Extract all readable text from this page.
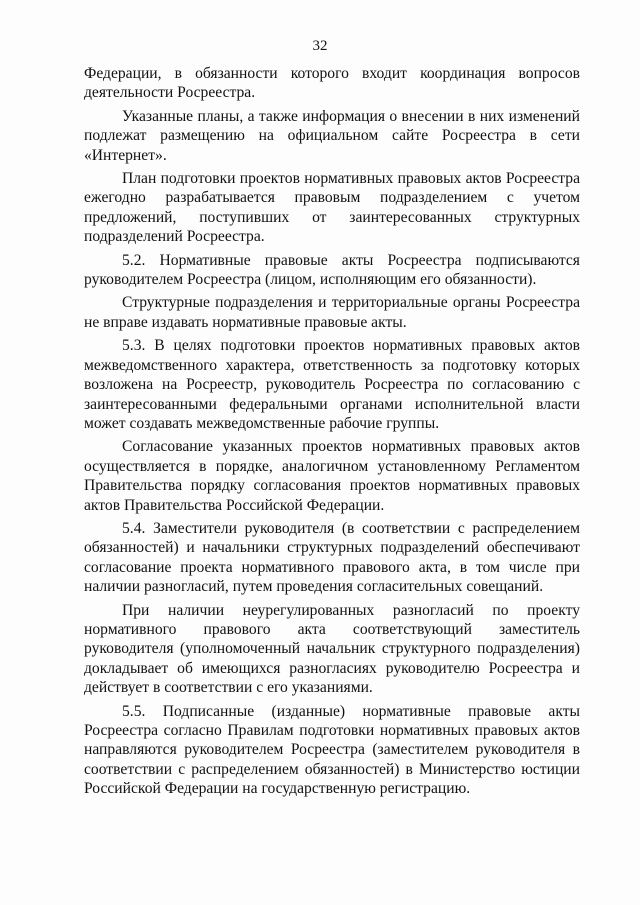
32

Федерации, в обязанности которого входит координация вопросов деятельности Росреестра.

Указанные планы, а также информация о внесении в них изменений подлежат размещению на официальном сайте Росреестра в сети «Интернет».

План подготовки проектов нормативных правовых актов Росреестра ежегодно разрабатывается правовым подразделением с учетом предложений, поступивших от заинтересованных структурных подразделений Росреестра.

5.2. Нормативные правовые акты Росреестра подписываются руководителем Росреестра (лицом, исполняющим его обязанности).

Структурные подразделения и территориальные органы Росреестра не вправе издавать нормативные правовые акты.

5.3. В целях подготовки проектов нормативных правовых актов межведомственного характера, ответственность за подготовку которых возложена на Росреестр, руководитель Росреестра по согласованию с заинтересованными федеральными органами исполнительной власти может создавать межведомственные рабочие группы.

Согласование указанных проектов нормативных правовых актов осуществляется в порядке, аналогичном установленному Регламентом Правительства порядку согласования проектов нормативных правовых актов Правительства Российской Федерации.

5.4. Заместители руководителя (в соответствии с распределением обязанностей) и начальники структурных подразделений обеспечивают согласование проекта нормативного правового акта, в том числе при наличии разногласий, путем проведения согласительных совещаний.

При наличии неурегулированных разногласий по проекту нормативного правового акта соответствующий заместитель руководителя (уполномоченный начальник структурного подразделения) докладывает об имеющихся разногласиях руководителю Росреестра и действует в соответствии с его указаниями.

5.5. Подписанные (изданные) нормативные правовые акты Росреестра согласно Правилам подготовки нормативных правовых актов направляются руководителем Росреестра (заместителем руководителя в соответствии с распределением обязанностей) в Министерство юстиции Российской Федерации на государственную регистрацию.
